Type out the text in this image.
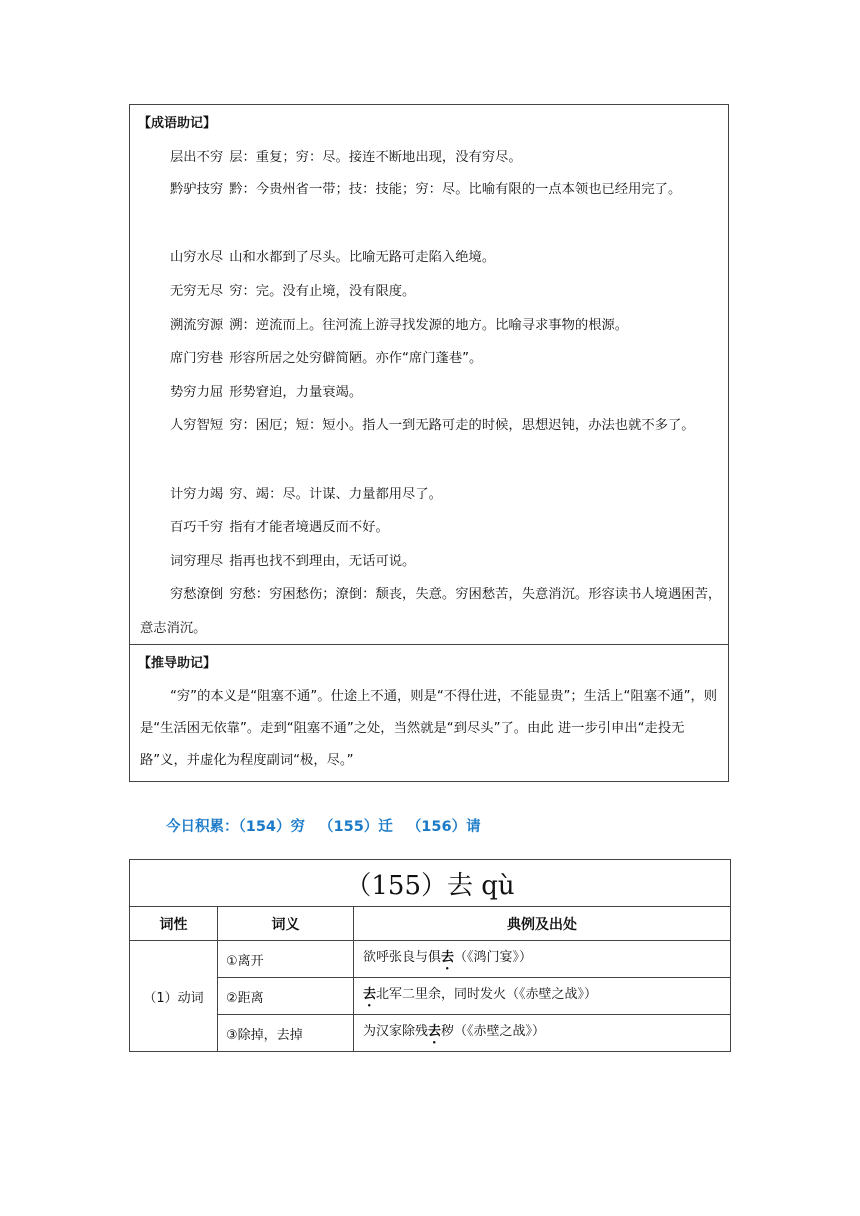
【成语助记】

层出不穷 层：重复；穷：尽。接连不断地出现，没有穷尽。

黔驴技穷 黔：今贵州省一带；技：技能；穷：尽。比喻有限的一点本领也已经用完了。

山穷水尽 山和水都到了尽头。比喻无路可走陷入绝境。

无穷无尽 穷：完。没有止境，没有限度。

溯流穷源 溯：逆流而上。往河流上游寻找发源的地方。比喻寻求事物的根源。

席门穷巷 形容所居之处穷僻简陋。亦作“席门蓬巷”。

势穷力屈 形势窘迫，力量衰竭。

人穷智短 穷：困厄；短：短小。指人一到无路可走的时候，思想迟钝，办法也就不多了。

计穷力竭 穷、竭：尽。计谋、力量都用尽了。

百巧千穷 指有才能者境遇反而不好。

词穷理尽 指再也找不到理由，无话可说。

穷愁潦倒 穷愁：穷困愁伤；潦倒：颓丧，失意。穷困愁苦，失意消沉。形容读书人境遇困苦，意志消沉。

【推导助记】

“穷”的本义是“阻塞不通”。仕途上不通，则是“不得仕进，不能显贵”；生活上“阻塞不通”，则是“生活困无依靠”。走到“阻塞不通”之处，当然就是“到尽头”了。由此 进一步引申出“走投无路”义，并虚化为程度副词“极，尽。”

今日积累：（154）穷 （155）迁 （156）请
（155）去 qù		
词性	词义	典例及出处
（1）动词	①离开	欲呼张良与俱去（《鸿门宴》）
	②距离	去北军二里余，同时发火（《赤壁之战》）
	③除掉，去掉	为汉家除残去秽（《赤壁之战》）
